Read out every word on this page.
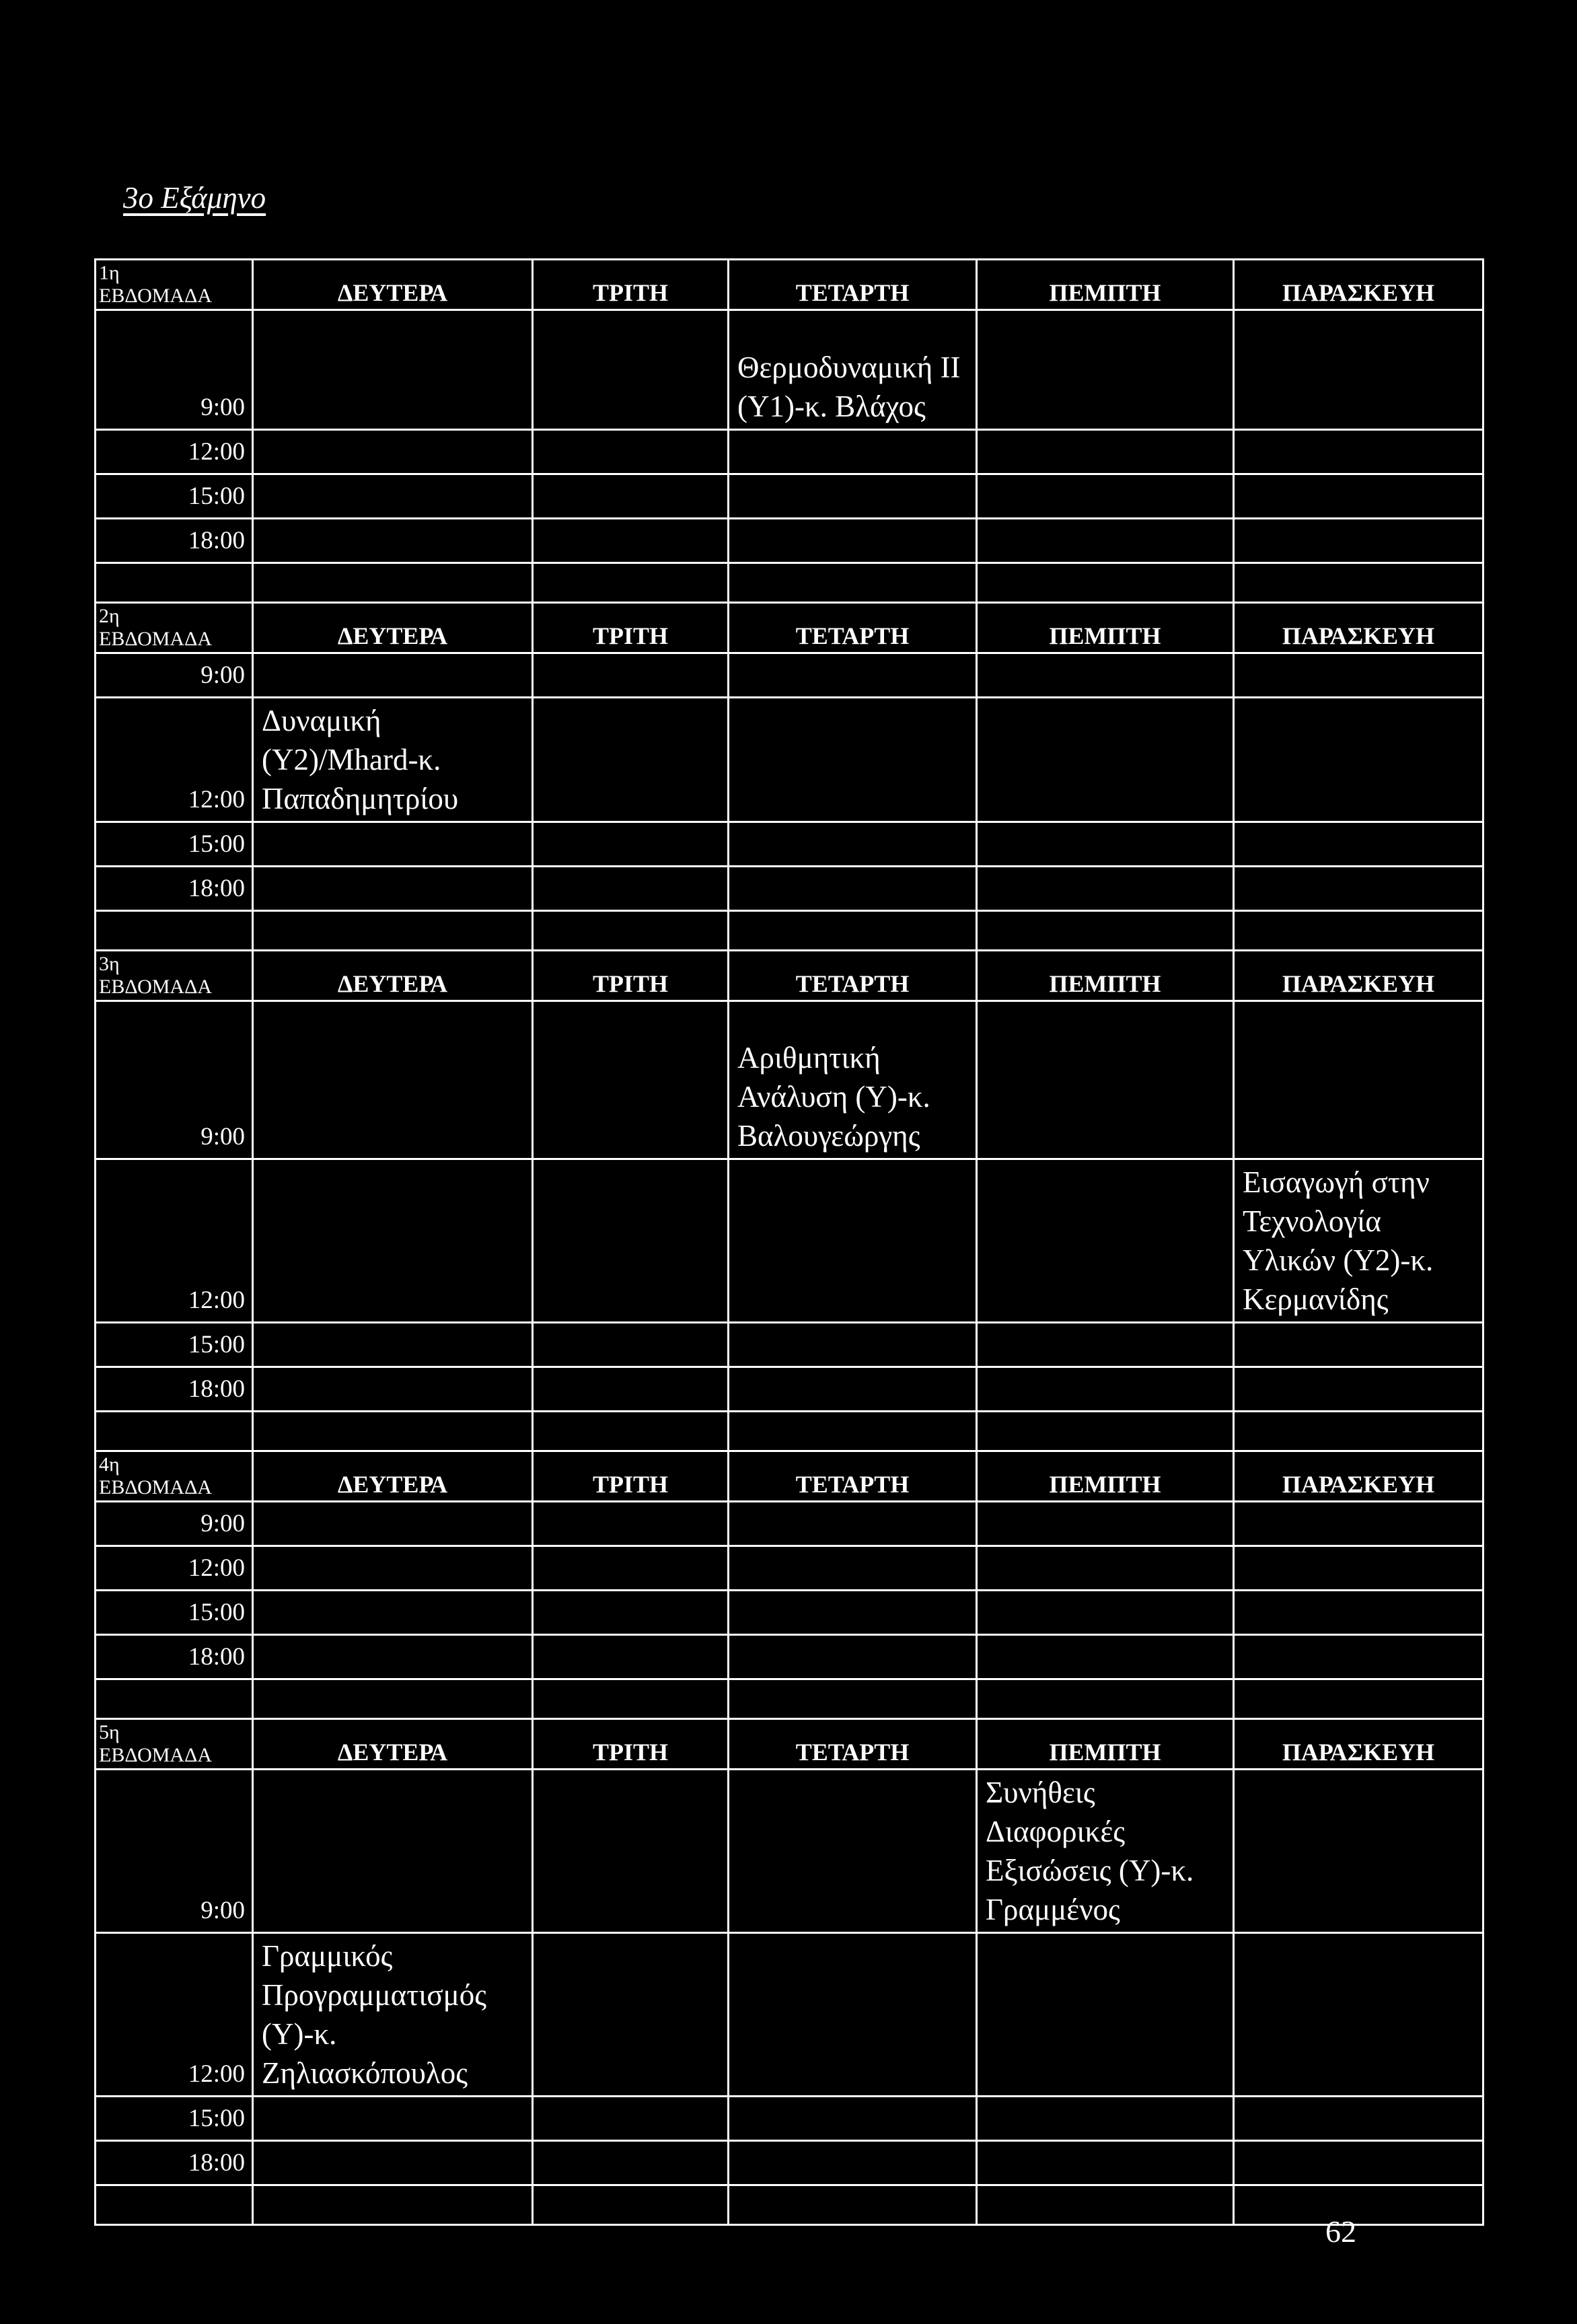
3ο Εξάμηνο
1η
ΕΒΔΟΜΑΔΑ	ΔΕΥΤΕΡΑ	ΤΡΙΤΗ	ΤΕΤΑΡΤΗ	ΠΕΜΠΤΗ	ΠΑΡΑΣΚΕΥΗ
9:00			Θερμοδυναμική ΙΙ (Υ1)-κ. Βλάχος		
12:00					
15:00					
18:00					

2η
ΕΒΔΟΜΑΔΑ	ΔΕΥΤΕΡΑ	ΤΡΙΤΗ	ΤΕΤΑΡΤΗ	ΠΕΜΠΤΗ	ΠΑΡΑΣΚΕΥΗ
9:00					
12:00	Δυναμική (Υ2)/Mhard-κ. Παπαδημητρίου				
15:00					
18:00					

3η
ΕΒΔΟΜΑΔΑ	ΔΕΥΤΕΡΑ	ΤΡΙΤΗ	ΤΕΤΑΡΤΗ	ΠΕΜΠΤΗ	ΠΑΡΑΣΚΕΥΗ
9:00			Αριθμητική Ανάλυση (Υ)-κ. Βαλουγεώργης		
12:00					Εισαγωγή στην Τεχνολογία Υλικών (Υ2)-κ. Κερμανίδης
15:00					
18:00					

4η
ΕΒΔΟΜΑΔΑ	ΔΕΥΤΕΡΑ	ΤΡΙΤΗ	ΤΕΤΑΡΤΗ	ΠΕΜΠΤΗ	ΠΑΡΑΣΚΕΥΗ
9:00					
12:00					
15:00					
18:00					

5η
ΕΒΔΟΜΑΔΑ	ΔΕΥΤΕΡΑ	ΤΡΙΤΗ	ΤΕΤΑΡΤΗ	ΠΕΜΠΤΗ	ΠΑΡΑΣΚΕΥΗ
9:00				Συνήθεις Διαφορικές Εξισώσεις (Υ)-κ. Γραμμένος	
12:00	Γραμμικός Προγραμματισμός (Υ)-κ. Ζηλιασκόπουλος				
15:00					
18:00					

62
